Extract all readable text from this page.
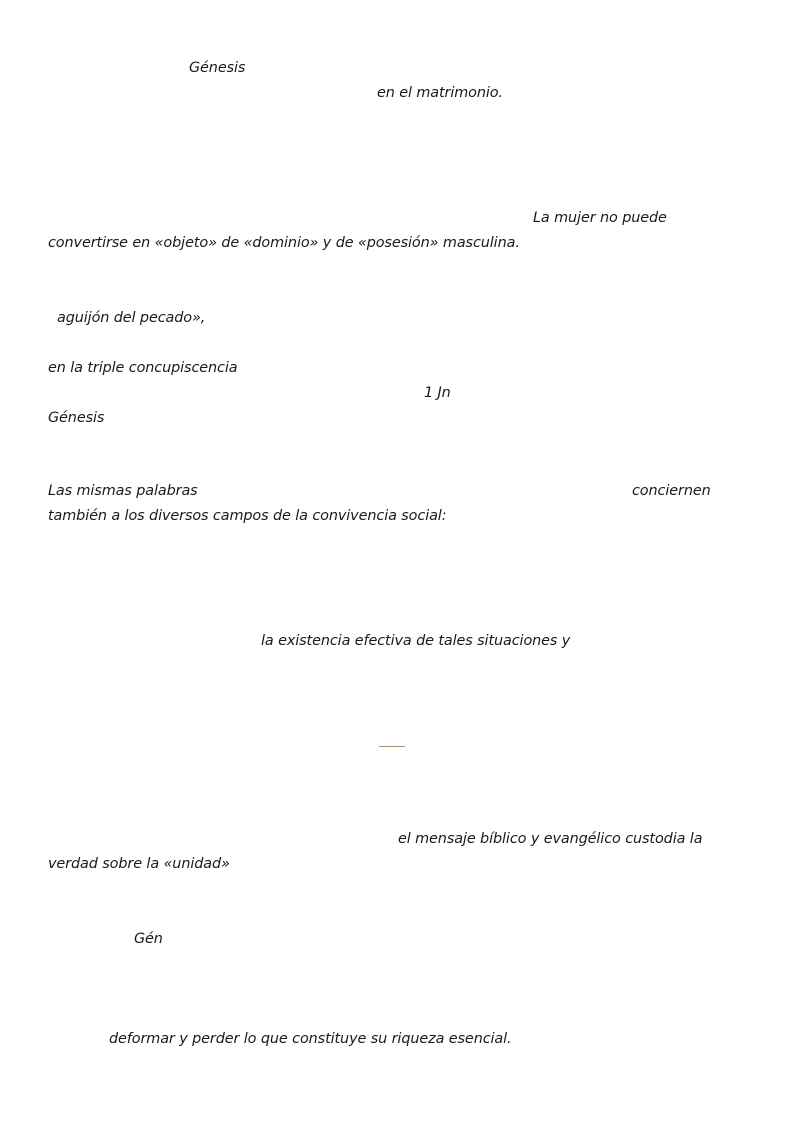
Génesis
en el matrimonio.
La mujer no puede
convertirse en «objeto» de «dominio» y de «posesión» masculina.
aguijón del pecado»,
en la triple concupiscencia
1 Jn
Génesis
Las mismas palabras	conciernen
también a los diversos campos de la convivencia social:
la existencia efectiva de tales situaciones y
el mensaje bíblico y evangélico custodia la
verdad sobre la «unidad»
Gén
deformar y perder lo que constituye su riqueza esencial.
